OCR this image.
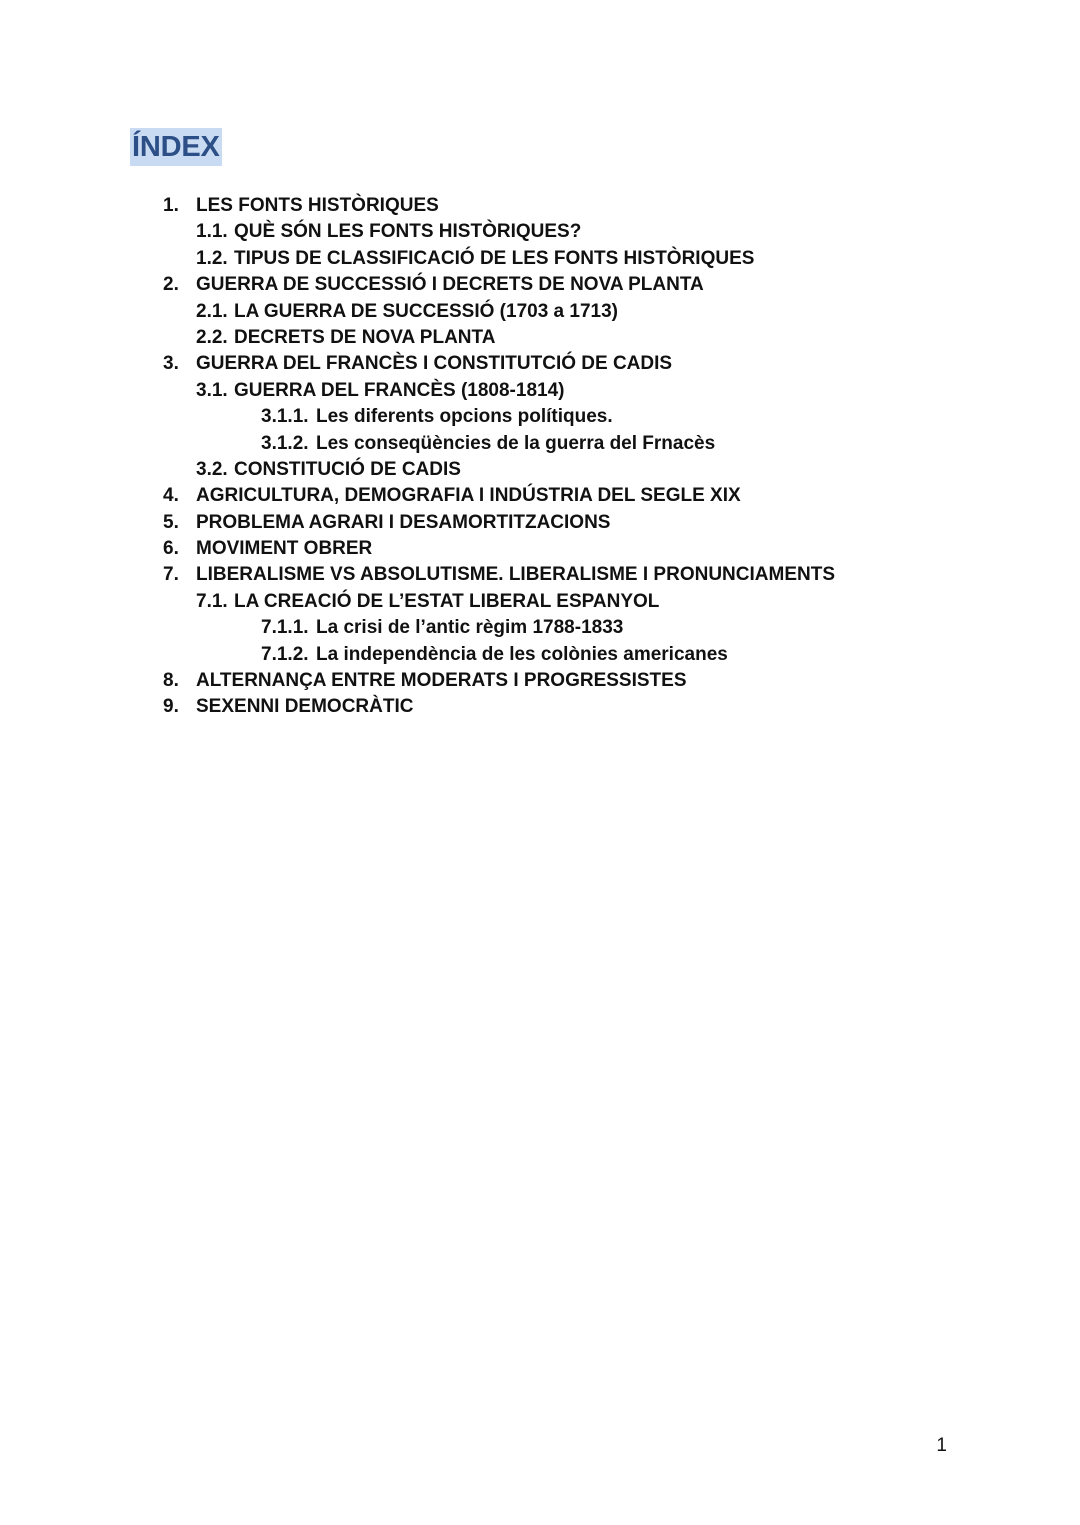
ÍNDEX
1. LES FONTS HISTÒRIQUES
1.1. QUÈ SÓN LES FONTS HISTÒRIQUES?
1.2. TIPUS DE CLASSIFICACIÓ DE LES FONTS HISTÒRIQUES
2. GUERRA DE SUCCESSIÓ I DECRETS DE NOVA PLANTA
2.1. LA GUERRA DE SUCCESSIÓ (1703 a 1713)
2.2. DECRETS DE NOVA PLANTA
3. GUERRA DEL FRANCÈS I CONSTITUTCIÓ DE CADIS
3.1. GUERRA DEL FRANCÈS (1808-1814)
3.1.1. Les diferents opcions polítiques.
3.1.2. Les conseqüències de la guerra del Frnacès
3.2. CONSTITUCIÓ DE CADIS
4. AGRICULTURA, DEMOGRAFIA I INDÚSTRIA DEL SEGLE XIX
5. PROBLEMA AGRARI I DESAMORTITZACIONS
6. MOVIMENT OBRER
7. LIBERALISME VS ABSOLUTISME. LIBERALISME I PRONUNCIAMENTS
7.1. LA CREACIÓ DE L’ESTAT LIBERAL ESPANYOL
7.1.1. La crisi de l’antic règim 1788-1833
7.1.2. La independència de les colònies americanes
8. ALTERNANÇA ENTRE MODERATS I PROGRESSISTES
9. SEXENNI DEMOCRÀTIC
1
